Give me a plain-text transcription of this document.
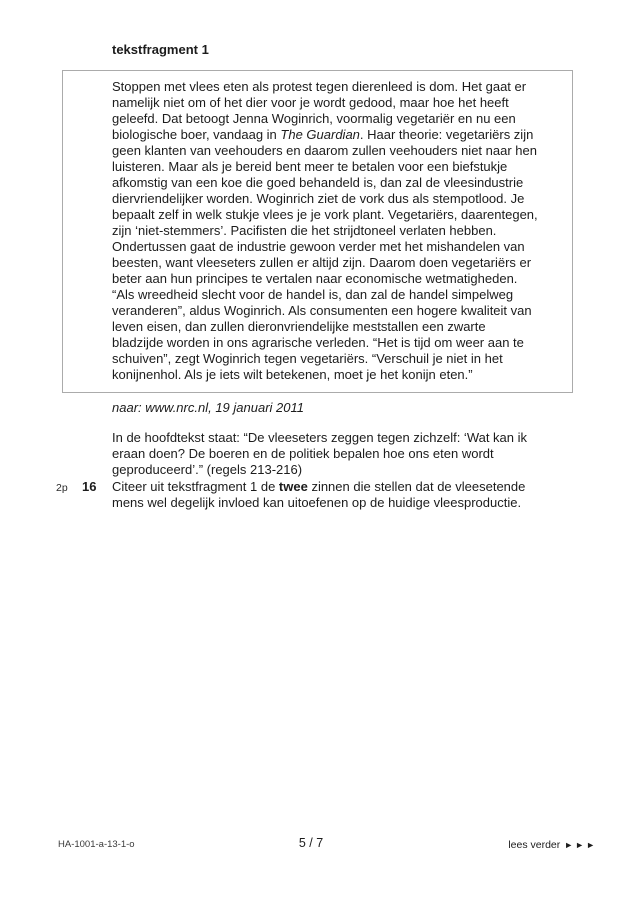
tekstfragment 1
Stoppen met vlees eten als protest tegen dierenleed is dom. Het gaat er
namelijk niet om of het dier voor je wordt gedood, maar hoe het heeft
geleefd. Dat betoogt Jenna Woginrich, voormalig vegetariër en nu een
biologische boer, vandaag in The Guardian. Haar theorie: vegetariërs zijn
geen klanten van veehouders en daarom zullen veehouders niet naar hen
luisteren. Maar als je bereid bent meer te betalen voor een biefstukje
afkomstig van een koe die goed behandeld is, dan zal de vleesindustrie
diervriendelijker worden. Woginrich ziet de vork dus als stempotlood. Je
bepaalt zelf in welk stukje vlees je je vork plant. Vegetariërs, daarentegen,
zijn ‘niet-stemmers’. Pacifisten die het strijdtoneel verlaten hebben.
Ondertussen gaat de industrie gewoon verder met het mishandelen van
beesten, want vleeseters zullen er altijd zijn. Daarom doen vegetariërs er
beter aan hun principes te vertalen naar economische wetmatigheden.
“Als wreedheid slecht voor de handel is, dan zal de handel simpelweg
veranderen”, aldus Woginrich. Als consumenten een hogere kwaliteit van
leven eisen, dan zullen dieronvriendelijke meststallen een zwarte
bladzijde worden in ons agrarische verleden. “Het is tijd om weer aan te
schuiven”, zegt Woginrich tegen vegetariërs. “Verschuil je niet in het
konijnenhol. Als je iets wilt betekenen, moet je het konijn eten.”
naar: www.nrc.nl, 19 januari 2011
In de hoofdtekst staat: “De vleeseters zeggen tegen zichzelf: ‘Wat kan ik
eraan doen? De boeren en de politiek bepalen hoe ons eten wordt
geproduceerd’.” (regels 213-216)
2p 16 Citeer uit tekstfragment 1 de twee zinnen die stellen dat de vleesetende
mens wel degelijk invloed kan uitoefenen op de huidige vleesproductie.
HA-1001-a-13-1-o	5 / 7	lees verder ►►►
